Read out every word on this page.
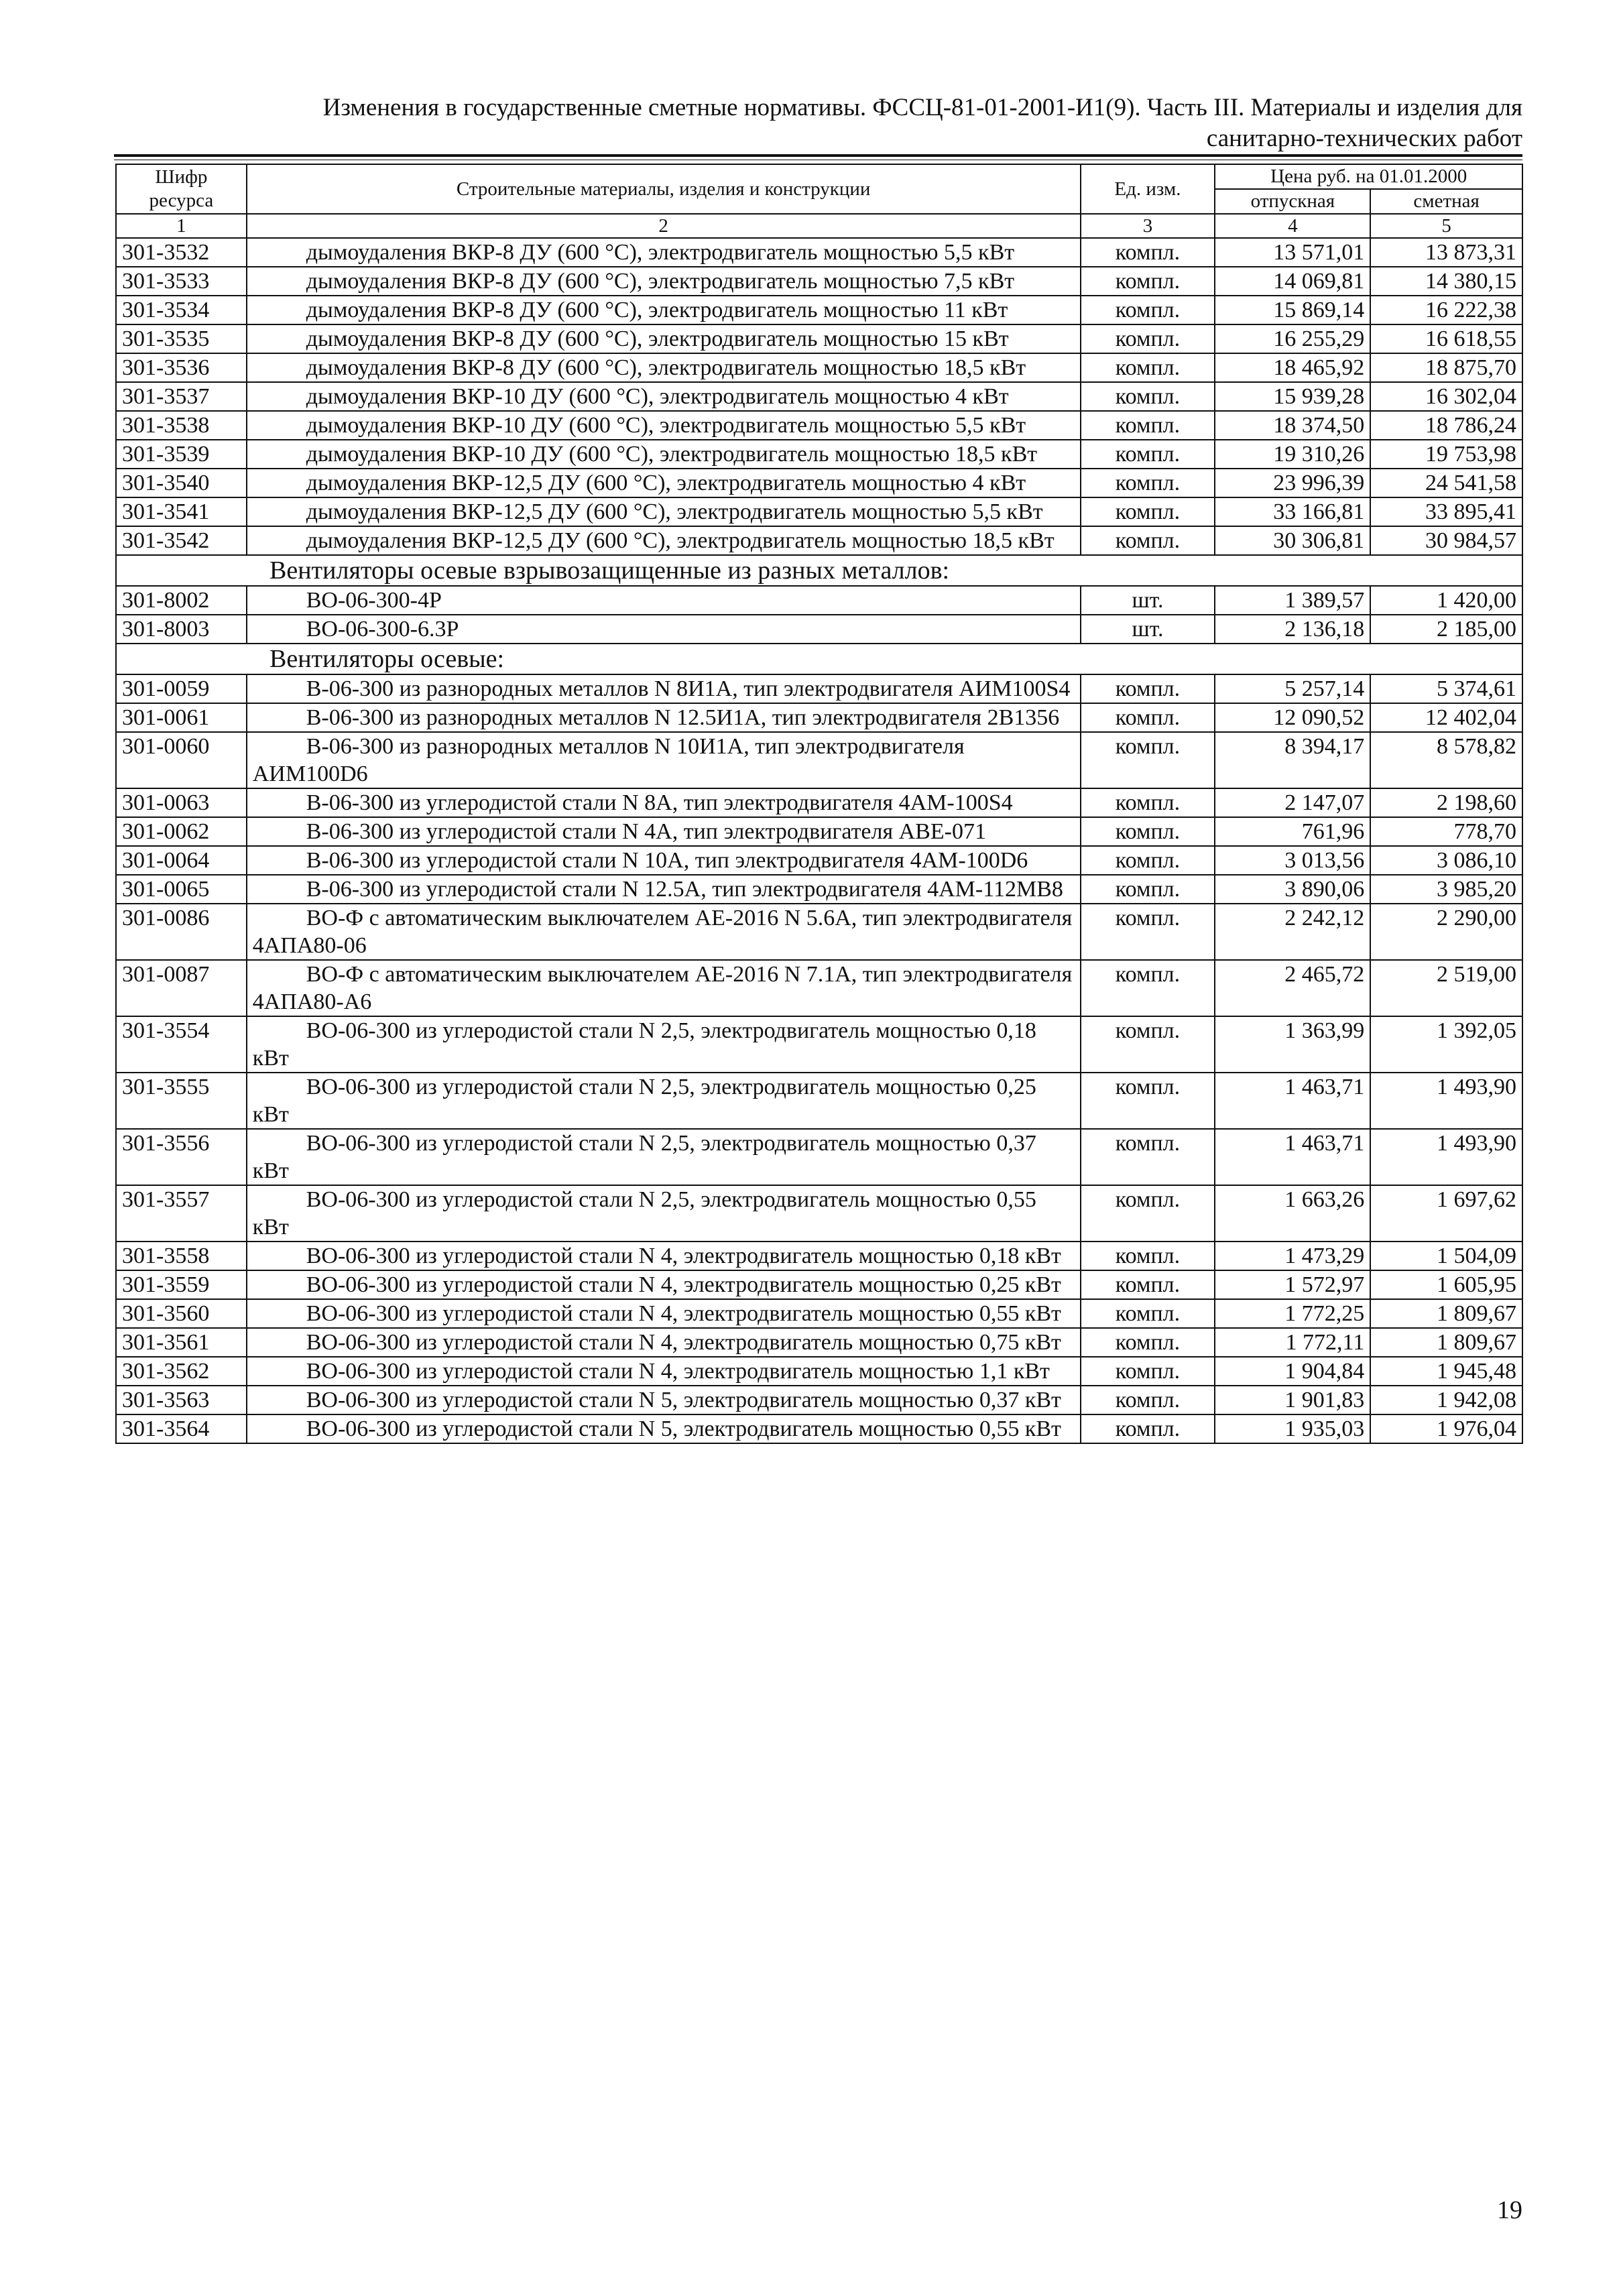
Изменения в государственные сметные нормативы. ФССЦ-81-01-2001-И1(9). Часть III. Материалы и изделия для
санитарно-технических работ
Шифр ресурса	Строительные материалы, изделия и конструкции	Ед. изм.	Цена руб. на 01.01.2000	
			отпускная	сметная
1	2	3	4	5
301-3532	дымоудаления ВКР-8 ДУ (600 °С), электродвигатель мощностью 5,5 кВт	компл.	13 571,01	13 873,31
301-3533	дымоудаления ВКР-8 ДУ (600 °С), электродвигатель мощностью 7,5 кВт	компл.	14 069,81	14 380,15
301-3534	дымоудаления ВКР-8 ДУ (600 °С), электродвигатель мощностью 11 кВт	компл.	15 869,14	16 222,38
301-3535	дымоудаления ВКР-8 ДУ (600 °С), электродвигатель мощностью 15 кВт	компл.	16 255,29	16 618,55
301-3536	дымоудаления ВКР-8 ДУ (600 °С), электродвигатель мощностью 18,5 кВт	компл.	18 465,92	18 875,70
301-3537	дымоудаления ВКР-10 ДУ (600 °С), электродвигатель мощностью 4 кВт	компл.	15 939,28	16 302,04
301-3538	дымоудаления ВКР-10 ДУ (600 °С), электродвигатель мощностью 5,5 кВт	компл.	18 374,50	18 786,24
301-3539	дымоудаления ВКР-10 ДУ (600 °С), электродвигатель мощностью 18,5 кВт	компл.	19 310,26	19 753,98
301-3540	дымоудаления ВКР-12,5 ДУ (600 °С), электродвигатель мощностью 4 кВт	компл.	23 996,39	24 541,58
301-3541	дымоудаления ВКР-12,5 ДУ (600 °С), электродвигатель мощностью 5,5 кВт	компл.	33 166,81	33 895,41
301-3542	дымоудаления ВКР-12,5 ДУ (600 °С), электродвигатель мощностью 18,5 кВт	компл.	30 306,81	30 984,57
Вентиляторы осевые взрывозащищенные из разных металлов:				
301-8002	ВО-06-300-4Р	шт.	1 389,57	1 420,00
301-8003	ВО-06-300-6.3Р	шт.	2 136,18	2 185,00
Вентиляторы осевые:				
301-0059	В-06-300 из разнородных металлов N 8И1А, тип электродвигателя АИМ100S4	компл.	5 257,14	5 374,61
301-0061	В-06-300 из разнородных металлов N 12.5И1А, тип электродвигателя 2В1356	компл.	12 090,52	12 402,04
301-0060	В-06-300 из разнородных металлов N 10И1А, тип электродвигателя АИМ100D6	компл.	8 394,17	8 578,82
301-0063	В-06-300 из углеродистой стали N 8А, тип электродвигателя 4АМ-100S4	компл.	2 147,07	2 198,60
301-0062	В-06-300 из углеродистой стали N 4А, тип электродвигателя АВЕ-071	компл.	761,96	778,70
301-0064	В-06-300 из углеродистой стали N 10А, тип электродвигателя 4АМ-100D6	компл.	3 013,56	3 086,10
301-0065	В-06-300 из углеродистой стали N 12.5А, тип электродвигателя 4АМ-112МВ8	компл.	3 890,06	3 985,20
301-0086	ВО-Ф с автоматическим выключателем АЕ-2016 N 5.6А, тип электродвигателя 4АПА80-06	компл.	2 242,12	2 290,00
301-0087	ВО-Ф с автоматическим выключателем АЕ-2016 N 7.1А, тип электродвигателя 4АПА80-А6	компл.	2 465,72	2 519,00
301-3554	ВО-06-300 из углеродистой стали N 2,5, электродвигатель мощностью 0,18 кВт	компл.	1 363,99	1 392,05
301-3555	ВО-06-300 из углеродистой стали N 2,5, электродвигатель мощностью 0,25 кВт	компл.	1 463,71	1 493,90
301-3556	ВО-06-300 из углеродистой стали N 2,5, электродвигатель мощностью 0,37 кВт	компл.	1 463,71	1 493,90
301-3557	ВО-06-300 из углеродистой стали N 2,5, электродвигатель мощностью 0,55 кВт	компл.	1 663,26	1 697,62
301-3558	ВО-06-300 из углеродистой стали N 4, электродвигатель мощностью 0,18 кВт	компл.	1 473,29	1 504,09
301-3559	ВО-06-300 из углеродистой стали N 4, электродвигатель мощностью 0,25 кВт	компл.	1 572,97	1 605,95
301-3560	ВО-06-300 из углеродистой стали N 4, электродвигатель мощностью 0,55 кВт	компл.	1 772,25	1 809,67
301-3561	ВО-06-300 из углеродистой стали N 4, электродвигатель мощностью 0,75 кВт	компл.	1 772,11	1 809,67
301-3562	ВО-06-300 из углеродистой стали N 4, электродвигатель мощностью 1,1 кВт	компл.	1 904,84	1 945,48
301-3563	ВО-06-300 из углеродистой стали N 5, электродвигатель мощностью 0,37 кВт	компл.	1 901,83	1 942,08
301-3564	ВО-06-300 из углеродистой стали N 5, электродвигатель мощностью 0,55 кВт	компл.	1 935,03	1 976,04
19
